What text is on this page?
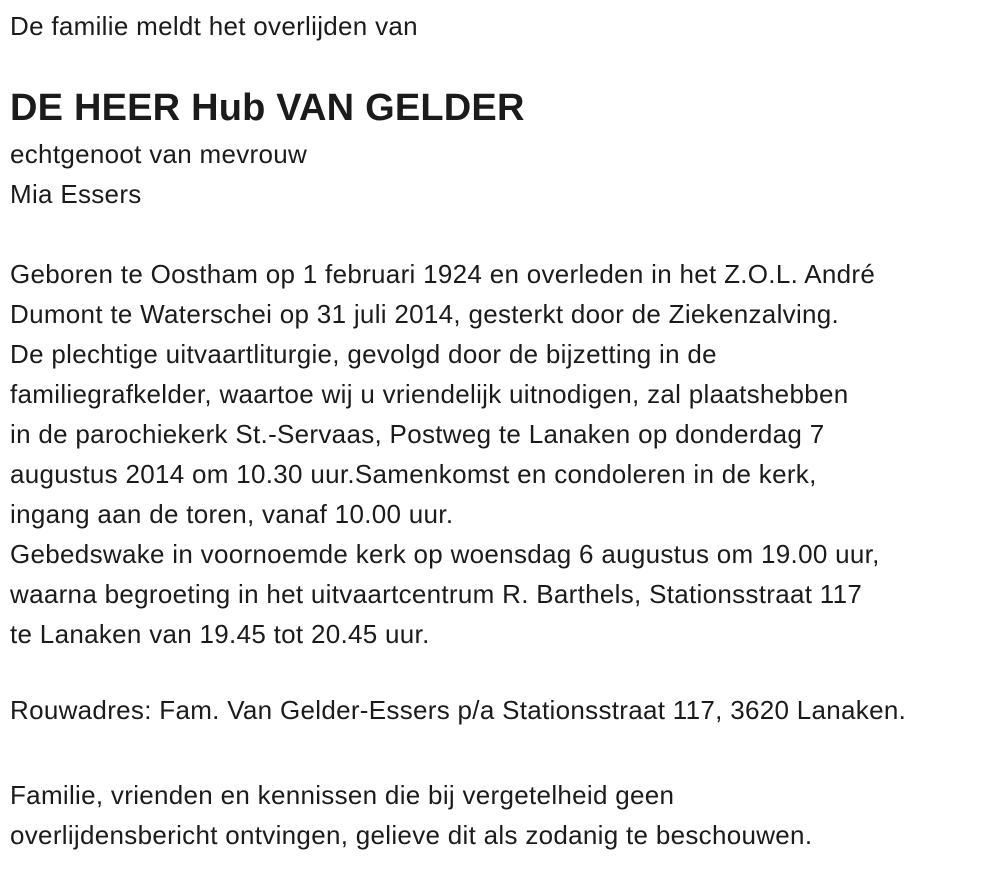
De familie meldt het overlijden van

DE HEER Hub VAN GELDER
echtgenoot van mevrouw
Mia Essers
Geboren te Oostham op 1 februari 1924 en overleden in het Z.O.L. André
Dumont te Waterschei op 31 juli 2014, gesterkt door de Ziekenzalving.
De plechtige uitvaartliturgie, gevolgd door de bijzetting in de
familiegrafkelder, waartoe wij u vriendelijk uitnodigen, zal plaatshebben
in de parochiekerk St.-Servaas, Postweg te Lanaken op donderdag 7
augustus 2014 om 10.30 uur.Samenkomst en condoleren in de kerk,
ingang aan de toren, vanaf 10.00 uur.
Gebedswake in voornoemde kerk op woensdag 6 augustus om 19.00 uur,
waarna begroeting in het uitvaartcentrum R. Barthels, Stationsstraat 117
te Lanaken van 19.45 tot 20.45 uur.
Rouwadres: Fam. Van Gelder-Essers p/a Stationsstraat 117, 3620 Lanaken.
Familie, vrienden en kennissen die bij vergetelheid geen
overlijdensbericht ontvingen, gelieve dit als zodanig te beschouwen.
